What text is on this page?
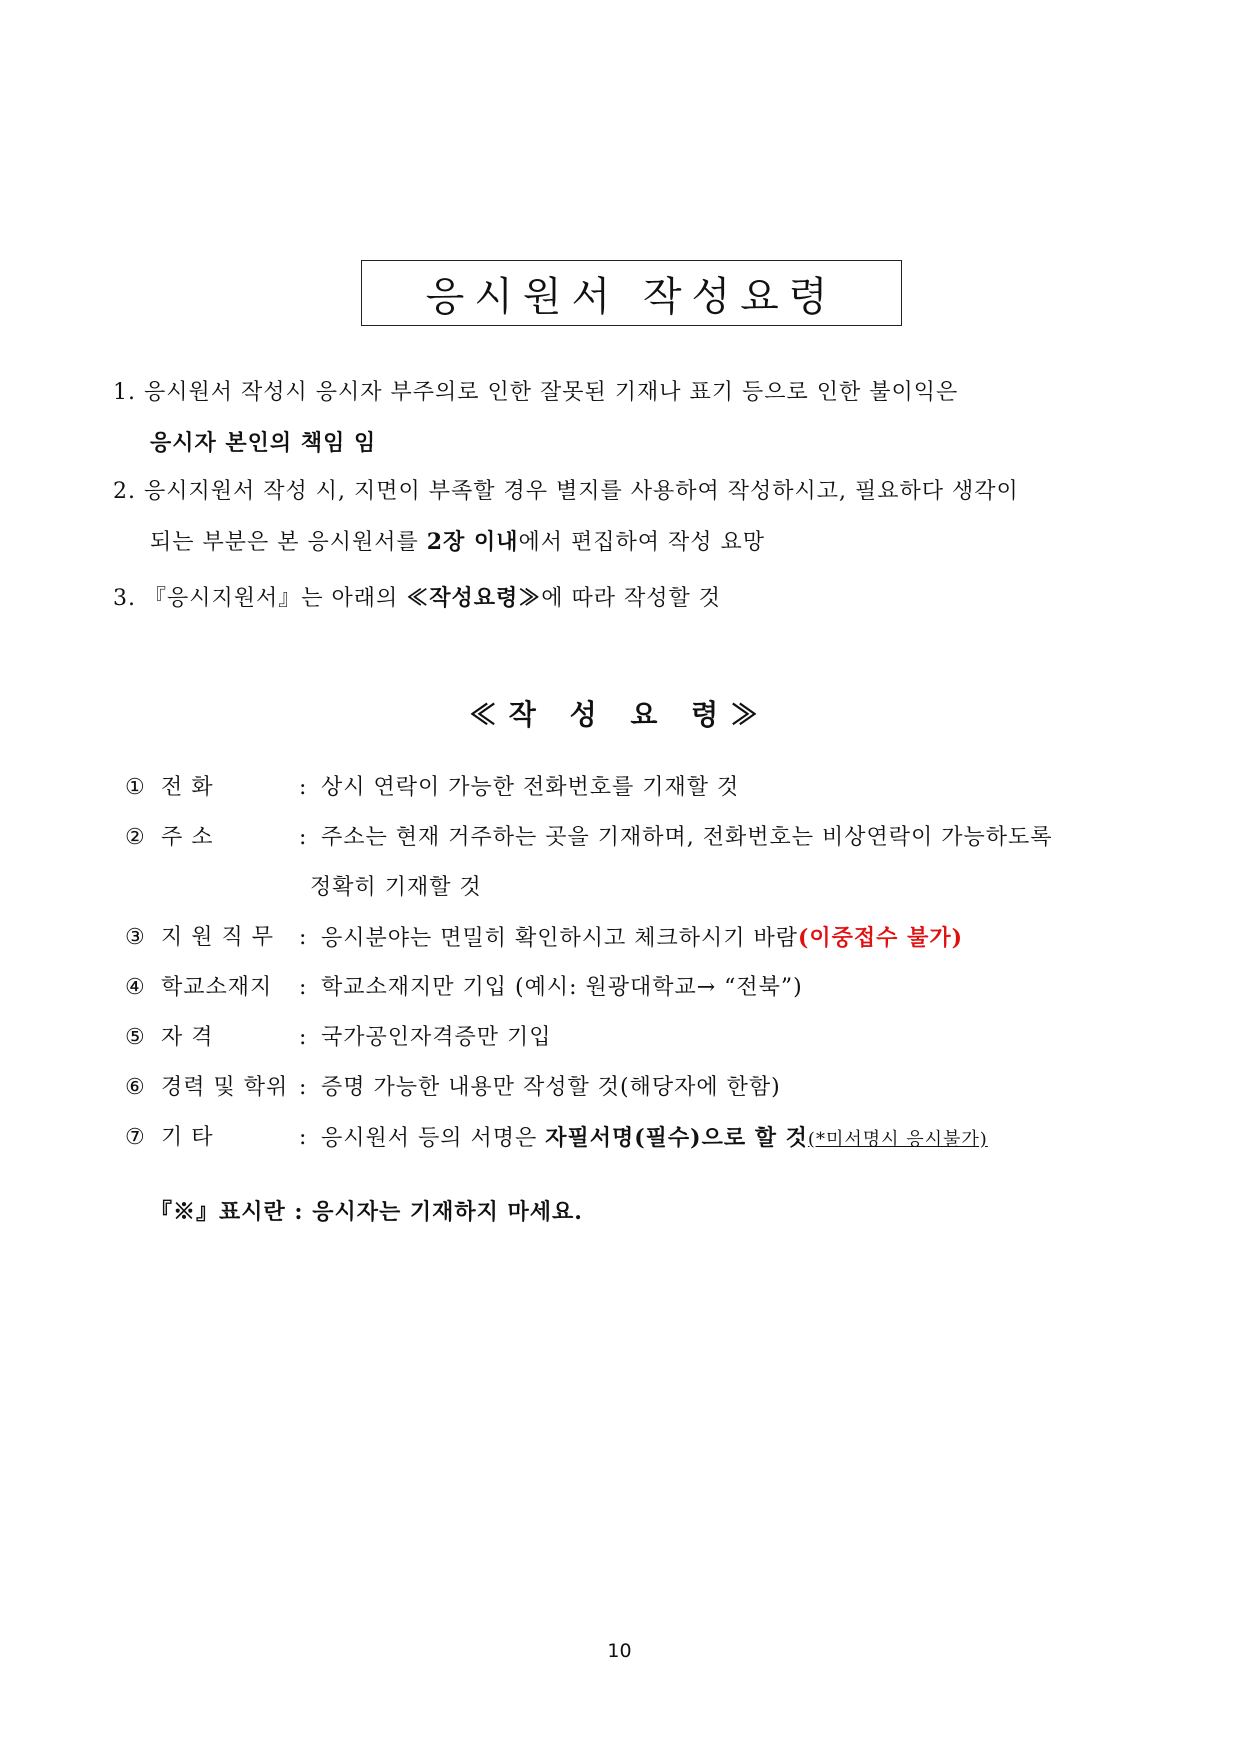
응시원서 작성요령
1. 응시원서 작성시 응시자 부주의로 인한 잘못된 기재나 표기 등으로 인한 불이익은
응시자 본인의 책임 임
2. 응시지원서 작성 시, 지면이 부족할 경우 별지를 사용하여 작성하시고, 필요하다 생각이
되는 부분은 본 응시원서를 2장 이내에서 편집하여 작성 요망
3. 『응시지원서』는 아래의 ≪작성요령≫에 따라 작성할 것
≪작 성 요 령≫
① 전 화	: 상시 연락이 가능한 전화번호를 기재할 것
② 주 소	: 주소는 현재 거주하는 곳을 기재하며, 전화번호는 비상연락이 가능하도록
정확히 기재할 것
③ 지 원 직 무 : 응시분야는 면밀히 확인하시고 체크하시기 바람(이중접수 불가)
④ 학교소재지 : 학교소재지만 기입 (예시: 원광대학교→ “전북”)
⑤ 자 격	: 국가공인자격증만 기입
⑥ 경력 및 학위 : 증명 가능한 내용만 작성할 것(해당자에 한함)
⑦ 기 타	: 응시원서 등의 서명은 자필서명(필수)으로 할 것(*미서명시 응시불가)
『※』표시란 : 응시자는 기재하지 마세요.
10
